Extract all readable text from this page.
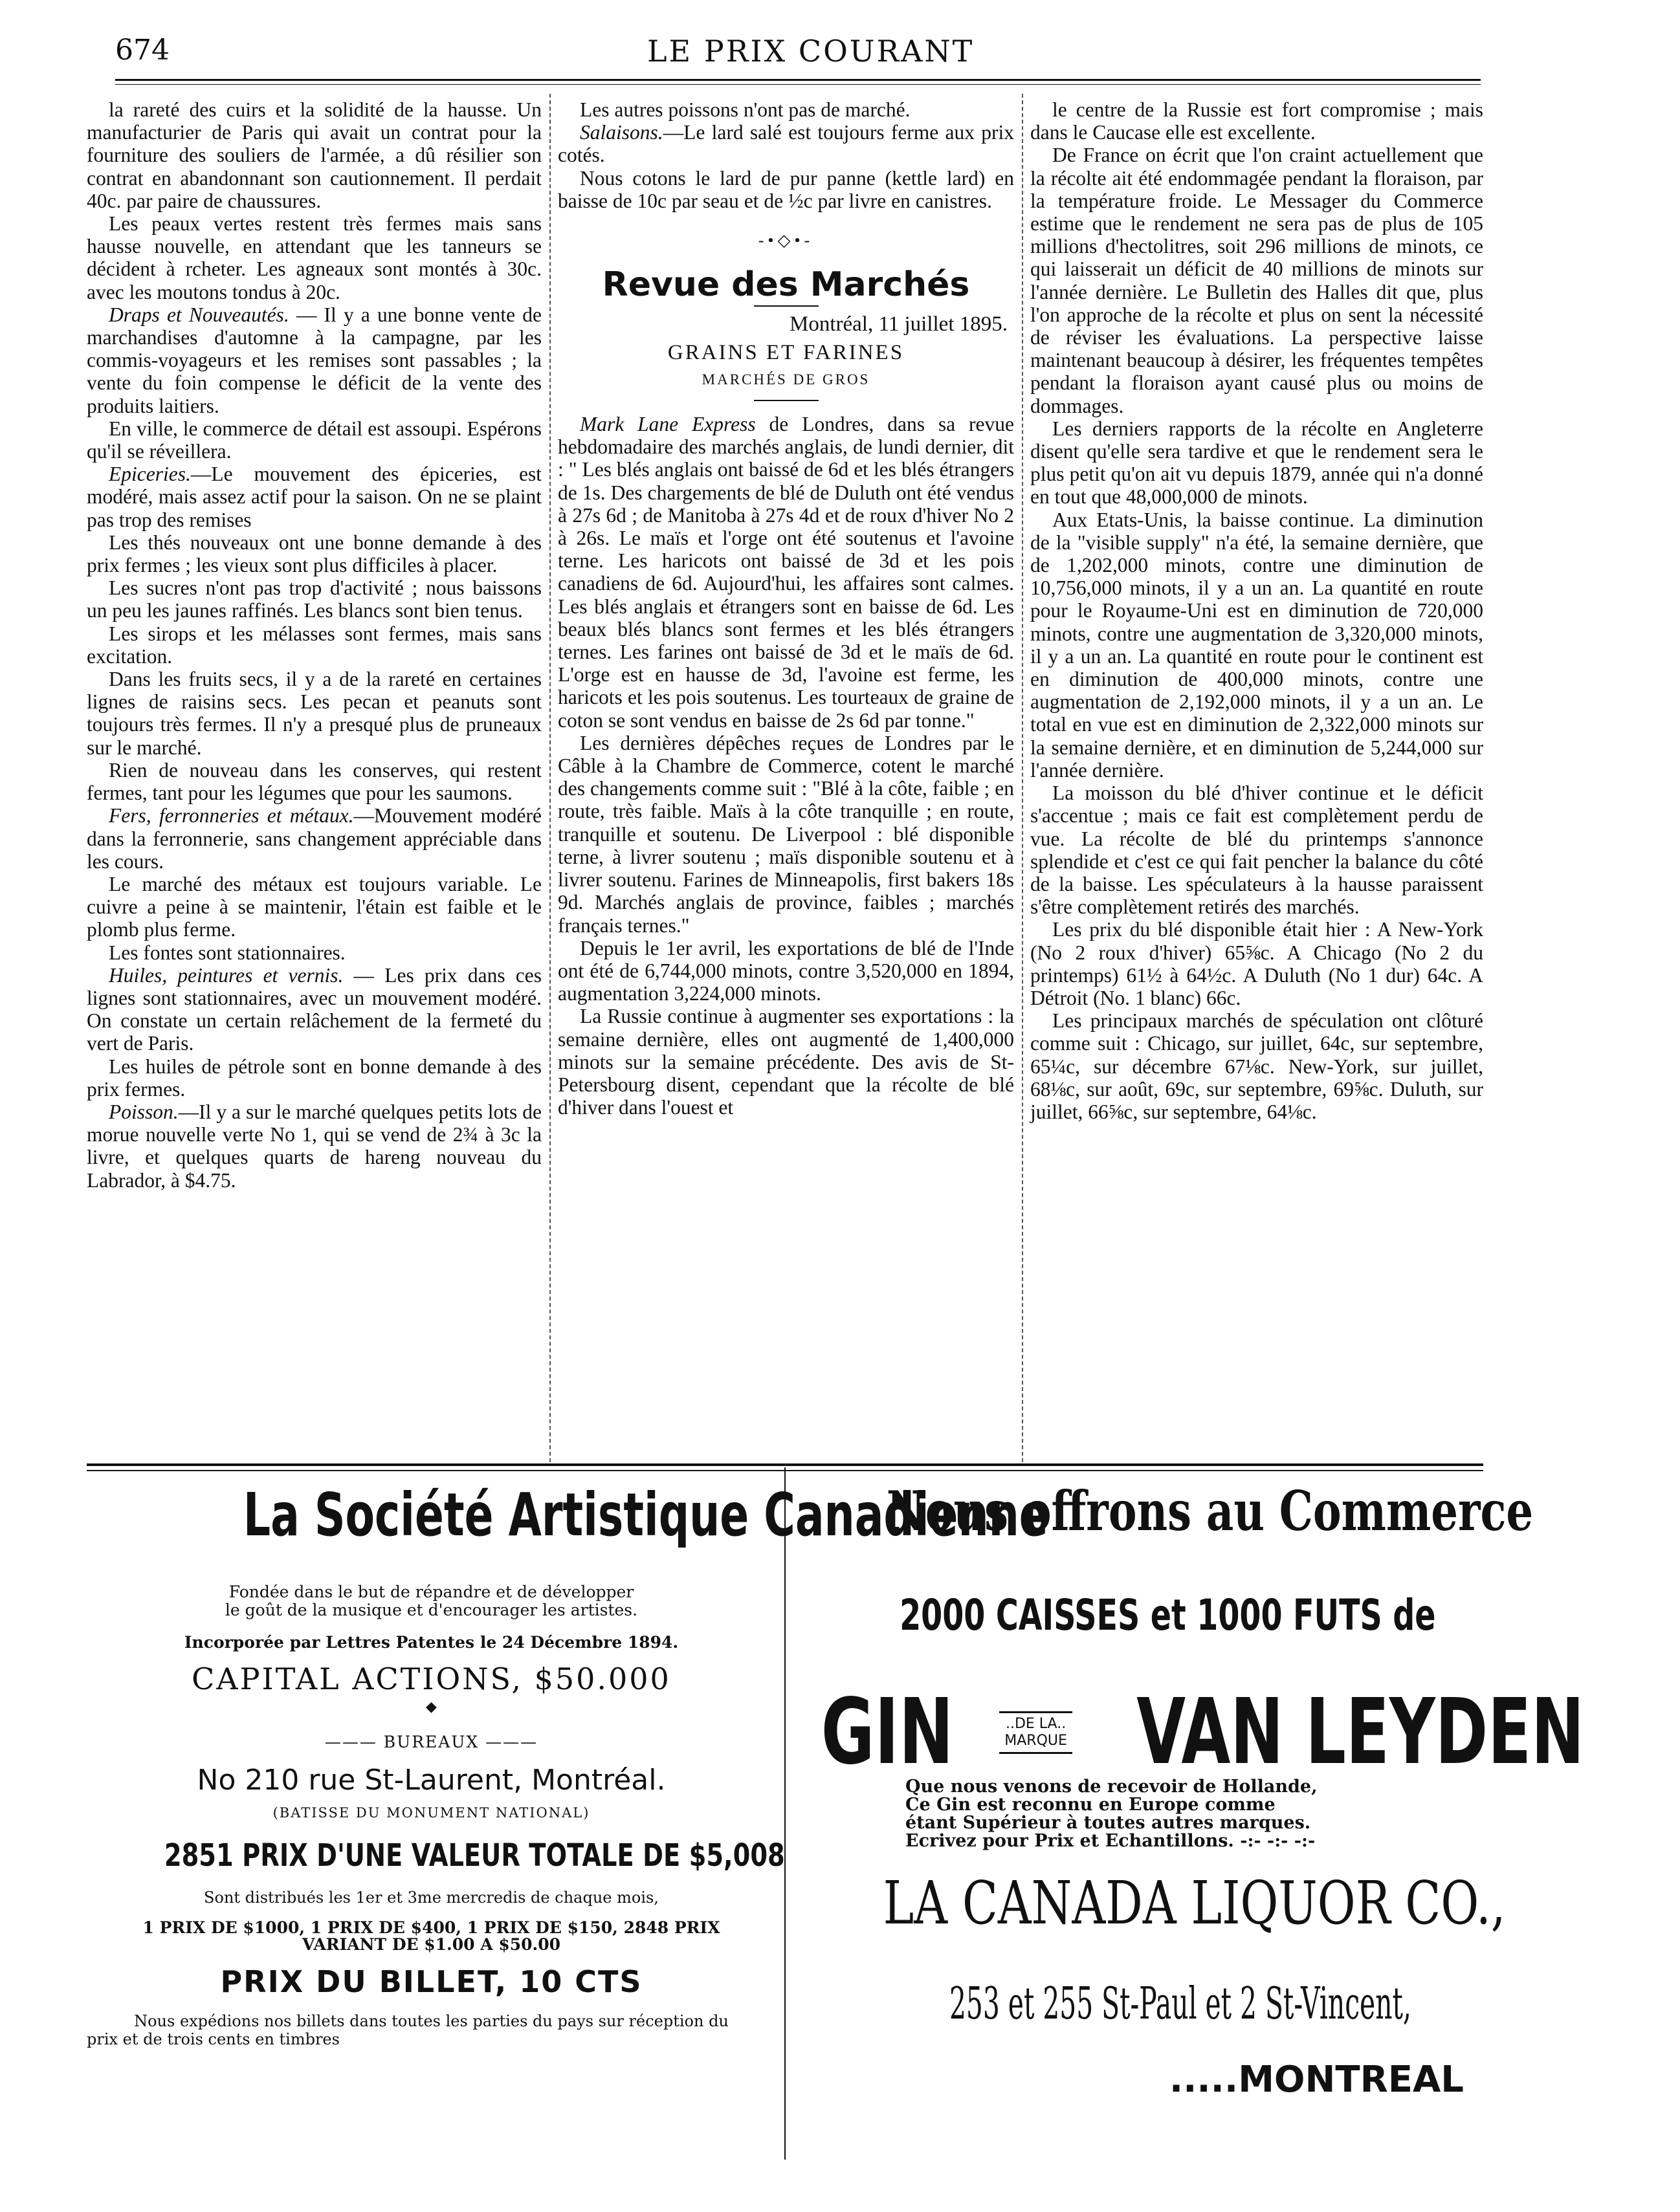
674	LE PRIX COURANT

la rareté des cuirs et la solidité de la hausse. Un manufacturier de Paris qui avait un contrat pour la fourniture des souliers de l'armée, a dû résilier son contrat en abandonnant son cautionnement. Il perdait 40c. par paire de chaussures.

Les peaux vertes restent très fermes mais sans hausse nouvelle, en attendant que les tanneurs se décident à rcheter. Les agneaux sont montés à 30c. avec les moutons tondus à 20c.

Draps et Nouveautés. — Il y a une bonne vente de marchandises d'automne à la campagne, par les commis-voyageurs et les remises sont passables ; la vente du foin compense le déficit de la vente des produits laitiers.

En ville, le commerce de détail est assoupi. Espérons qu'il se réveillera.

Epiceries.—Le mouvement des épiceries, est modéré, mais assez actif pour la saison. On ne se plaint pas trop des remises

Les thés nouveaux ont une bonne demande à des prix fermes ; les vieux sont plus difficiles à placer.

Les sucres n'ont pas trop d'activité ; nous baissons un peu les jaunes raffinés. Les blancs sont bien tenus.

Les sirops et les mélasses sont fermes, mais sans excitation.

Dans les fruits secs, il y a de la rareté en certaines lignes de raisins secs. Les pecan et peanuts sont toujours très fermes. Il n'y a presqué plus de pruneaux sur le marché.

Rien de nouveau dans les conserves, qui restent fermes, tant pour les légumes que pour les saumons.

Fers, ferronneries et métaux.—Mouvement modéré dans la ferronnerie, sans changement appréciable dans les cours.

Le marché des métaux est toujours variable. Le cuivre a peine à se maintenir, l'étain est faible et le plomb plus ferme.

Les fontes sont stationnaires.

Huiles, peintures et vernis. — Les prix dans ces lignes sont stationnaires, avec un mouvement modéré. On constate un certain relâchement de la fermeté du vert de Paris.

Les huiles de pétrole sont en bonne demande à des prix fermes.

Poisson.—Il y a sur le marché quelques petits lots de morue nouvelle verte No 1, qui se vend de 2¾ à 3c la livre, et quelques quarts de hareng nouveau du Labrador, à $4.75.

Les autres poissons n'ont pas de marché.

Salaisons.—Le lard salé est toujours ferme aux prix cotés.

Nous cotons le lard de pur panne (kettle lard) en baisse de 10c par seau et de ½c par livre en canistres.

-•◇•-
Revue des Marchés
Montréal, 11 juillet 1895.
GRAINS ET FARINES
MARCHÉS DE GROS

Mark Lane Express de Londres, dans sa revue hebdomadaire des marchés anglais, de lundi dernier, dit : " Les blés anglais ont baissé de 6d et les blés étrangers de 1s. Des chargements de blé de Duluth ont été vendus à 27s 6d ; de Manitoba à 27s 4d et de roux d'hiver No 2 à 26s. Le maïs et l'orge ont été soutenus et l'avoine terne. Les haricots ont baissé de 3d et les pois canadiens de 6d. Aujourd'hui, les affaires sont calmes. Les blés anglais et étrangers sont en baisse de 6d. Les beaux blés blancs sont fermes et les blés étrangers ternes. Les farines ont baissé de 3d et le maïs de 6d. L'orge est en hausse de 3d, l'avoine est ferme, les haricots et les pois soutenus. Les tourteaux de graine de coton se sont vendus en baisse de 2s 6d par tonne."

Les dernières dépêches reçues de Londres par le Câble à la Chambre de Commerce, cotent le marché des changements comme suit : "Blé à la côte, faible ; en route, très faible. Maïs à la côte tranquille ; en route, tranquille et soutenu. De Liverpool : blé disponible terne, à livrer soutenu ; maïs disponible soutenu et à livrer soutenu. Farines de Minneapolis, first bakers 18s 9d. Marchés anglais de province, faibles ; marchés français ternes."

Depuis le 1er avril, les exportations de blé de l'Inde ont été de 6,744,000 minots, contre 3,520,000 en 1894, augmentation 3,224,000 minots.

La Russie continue à augmenter ses exportations : la semaine dernière, elles ont augmenté de 1,400,000 minots sur la semaine précédente. Des avis de St-Petersbourg disent, cependant que la récolte de blé d'hiver dans l'ouest et

le centre de la Russie est fort compromise ; mais dans le Caucase elle est excellente.

De France on écrit que l'on craint actuellement que la récolte ait été endommagée pendant la floraison, par la température froide. Le Messager du Commerce estime que le rendement ne sera pas de plus de 105 millions d'hectolitres, soit 296 millions de minots, ce qui laisserait un déficit de 40 millions de minots sur l'année dernière. Le Bulletin des Halles dit que, plus l'on approche de la récolte et plus on sent la nécessité de réviser les évaluations. La perspective laisse maintenant beaucoup à désirer, les fréquentes tempêtes pendant la floraison ayant causé plus ou moins de dommages.

Les derniers rapports de la récolte en Angleterre disent qu'elle sera tardive et que le rendement sera le plus petit qu'on ait vu depuis 1879, année qui n'a donné en tout que 48,000,000 de minots.

Aux Etats-Unis, la baisse continue. La diminution de la "visible supply" n'a été, la semaine dernière, que de 1,202,000 minots, contre une diminution de 10,756,000 minots, il y a un an. La quantité en route pour le Royaume-Uni est en diminution de 720,000 minots, contre une augmentation de 3,320,000 minots, il y a un an. La quantité en route pour le continent est en diminution de 400,000 minots, contre une augmentation de 2,192,000 minots, il y a un an. Le total en vue est en diminution de 2,322,000 minots sur la semaine dernière, et en diminution de 5,244,000 sur l'année dernière.

La moisson du blé d'hiver continue et le déficit s'accentue ; mais ce fait est complètement perdu de vue. La récolte de blé du printemps s'annonce splendide et c'est ce qui fait pencher la balance du côté de la baisse. Les spéculateurs à la hausse paraissent s'être complètement retirés des marchés.

Les prix du blé disponible était hier : A New-York (No 2 roux d'hiver) 65⅝c. A Chicago (No 2 du printemps) 61½ à 64½c. A Duluth (No 1 dur) 64c. A Détroit (No. 1 blanc) 66c.

Les principaux marchés de spéculation ont clôturé comme suit : Chicago, sur juillet, 64c, sur septembre, 65¼c, sur décembre 67⅛c. New-York, sur juillet, 68⅛c, sur août, 69c, sur septembre, 69⅝c. Duluth, sur juillet, 66⅝c, sur septembre, 64⅛c.

La Société Artistique Canadienne
Fondée dans le but de répandre et de développer
le goût de la musique et d'encourager les artistes.
Incorporée par Lettres Patentes le 24 Décembre 1894.
CAPITAL ACTIONS, $50.000
◆
——— BUREAUX ———
No 210 rue St-Laurent, Montréal.
(BATISSE DU MONUMENT NATIONAL)
2851 PRIX D'UNE VALEUR TOTALE DE $5,008
Sont distribués les 1er et 3me mercredis de chaque mois,
1 PRIX DE $1000, 1 PRIX DE $400, 1 PRIX DE $150, 2848 PRIX
VARIANT DE $1.00 A $50.00
PRIX DU BILLET, 10 CTS
Nous expédions nos billets dans toutes les parties du pays sur réception du
prix et de trois cents en timbres
Nous offrons au Commerce
2000 CAISSES et 1000 FUTS de
GIN	..DE LA..
MARQUE VAN LEYDEN
Que nous venons de recevoir de Hollande,
Ce Gin est reconnu en Europe comme
étant Supérieur à toutes autres marques.
Ecrivez pour Prix et Echantillons. -:- -:- -:-
LA CANADA LIQUOR CO.,
253 et 255 St-Paul et 2 St-Vincent,
.....MONTREAL
